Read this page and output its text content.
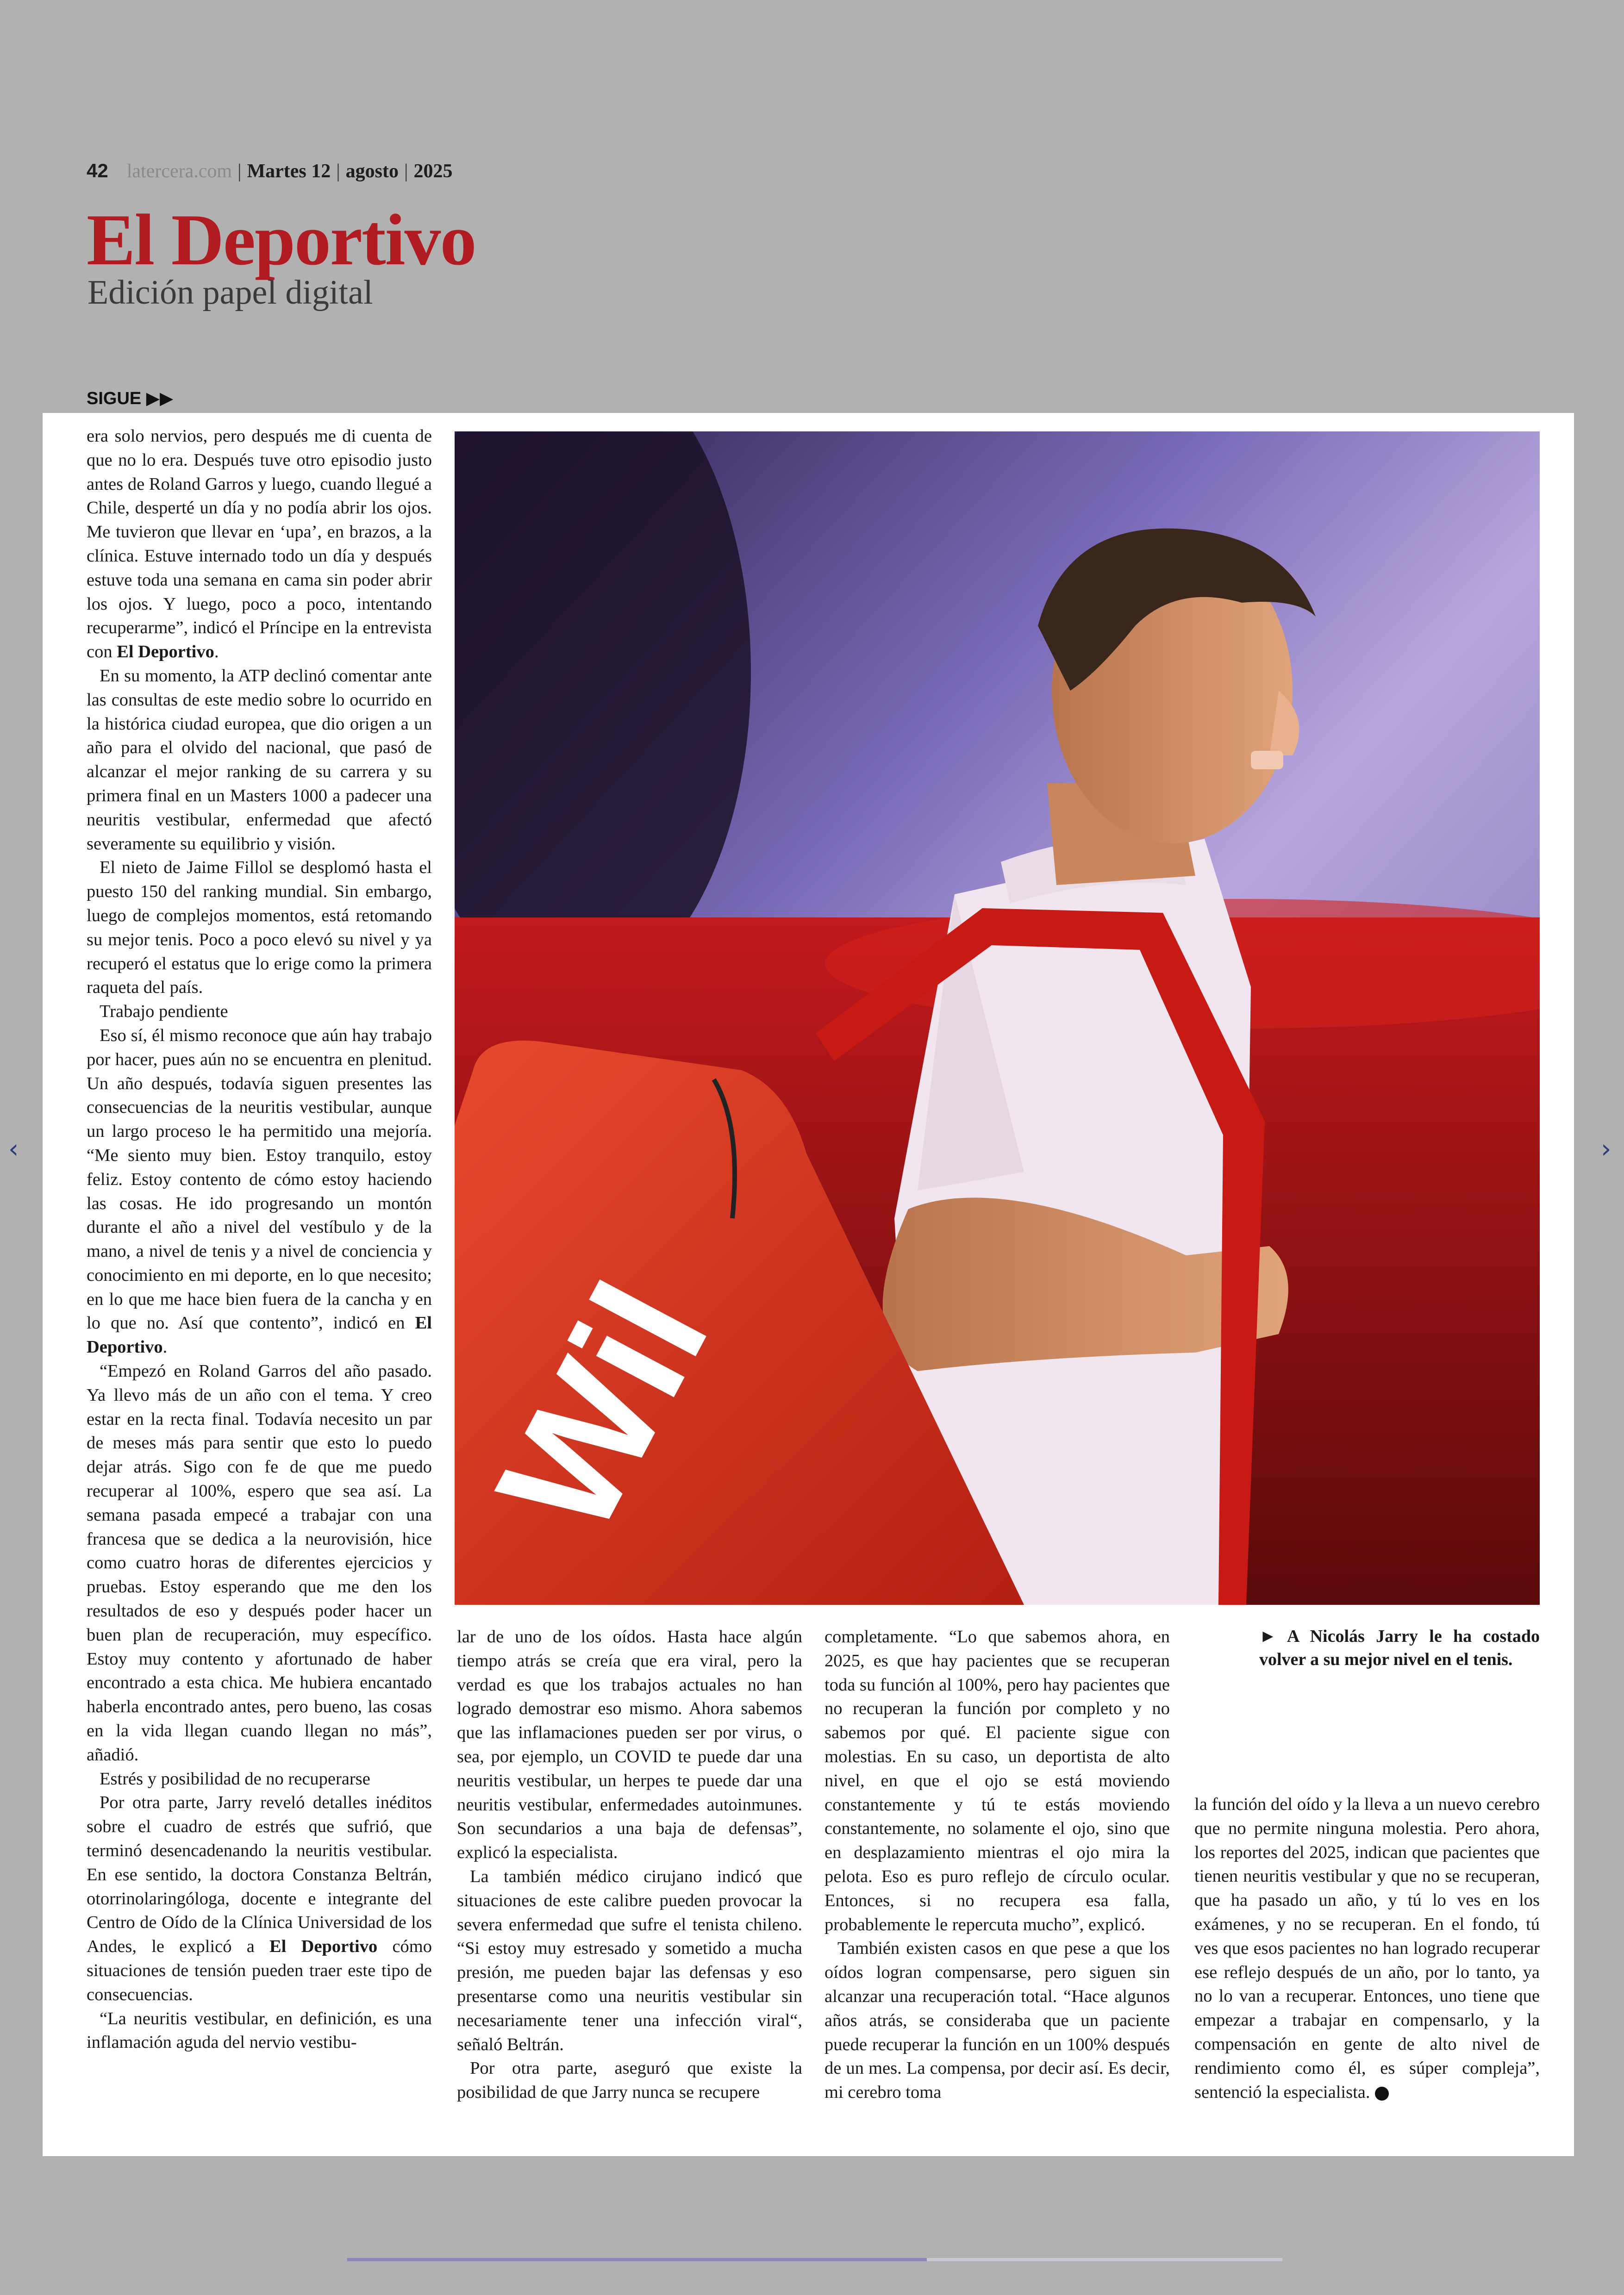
42 latercera.com | Martes 12 | agosto | 2025
El Deportivo
Edición papel digital
SIGUE ▶▶

era solo nervios, pero después me di cuenta de que no lo era. Después tuve otro episodio justo antes de Roland Garros y luego, cuando llegué a Chile, desperté un día y no podía abrir los ojos. Me tuvieron que llevar en ‘upa’, en brazos, a la clínica. Estuve internado todo un día y después estuve toda una semana en cama sin poder abrir los ojos. Y luego, poco a poco, intentando recuperarme”, indicó el Príncipe en la entrevista con El Deportivo.

En su momento, la ATP declinó comentar ante las consultas de este medio sobre lo ocurrido en la histórica ciudad europea, que dio origen a un año para el olvido del nacional, que pasó de alcanzar el mejor ranking de su carrera y su primera final en un Masters 1000 a padecer una neuritis vestibular, enfermedad que afectó severamente su equilibrio y visión.

El nieto de Jaime Fillol se desplomó hasta el puesto 150 del ranking mundial. Sin embargo, luego de complejos momentos, está retomando su mejor tenis. Poco a poco elevó su nivel y ya recuperó el estatus que lo erige como la primera raqueta del país.

Trabajo pendiente

Eso sí, él mismo reconoce que aún hay trabajo por hacer, pues aún no se encuentra en plenitud. Un año después, todavía siguen presentes las consecuencias de la neuritis vestibular, aunque un largo proceso le ha permitido una mejoría. “Me siento muy bien. Estoy tranquilo, estoy feliz. Estoy contento de cómo estoy haciendo las cosas. He ido progresando un montón durante el año a nivel del vestíbulo y de la mano, a nivel de tenis y a nivel de conciencia y conocimiento en mi deporte, en lo que necesito; en lo que me hace bien fuera de la cancha y en lo que no. Así que contento”, indicó en El Deportivo.

“Empezó en Roland Garros del año pasado. Ya llevo más de un año con el tema. Y creo estar en la recta final. Todavía necesito un par de meses más para sentir que esto lo puedo dejar atrás. Sigo con fe de que me puedo recuperar al 100%, espero que sea así. La semana pasada empecé a trabajar con una francesa que se dedica a la neurovisión, hice como cuatro horas de diferentes ejercicios y pruebas. Estoy esperando que me den los resultados de eso y después poder hacer un buen plan de recuperación, muy específico. Estoy muy contento y afortunado de haber encontrado a esta chica. Me hubiera encantado haberla encontrado antes, pero bueno, las cosas en la vida llegan cuando llegan no más”, añadió.

Estrés y posibilidad de no recuperarse

Por otra parte, Jarry reveló detalles inéditos sobre el cuadro de estrés que sufrió, que terminó desencadenando la neuritis vestibular. En ese sentido, la doctora Constanza Beltrán, otorrinolaringóloga, docente e integrante del Centro de Oído de la Clínica Universidad de los Andes, le explicó a El Deportivo cómo situaciones de tensión pueden traer este tipo de consecuencias.

“La neuritis vestibular, en definición, es una inflamación aguda del nervio vestibu-

Wil
► A Nicolás Jarry le ha costado volver a su mejor nivel en el tenis.

lar de uno de los oídos. Hasta hace algún tiempo atrás se creía que era viral, pero la verdad es que los trabajos actuales no han logrado demostrar eso mismo. Ahora sabemos que las inflamaciones pueden ser por virus, o sea, por ejemplo, un COVID te puede dar una neuritis vestibular, un herpes te puede dar una neuritis vestibular, enfermedades autoinmunes. Son secundarios a una baja de defensas”, explicó la especialista.

La también médico cirujano indicó que situaciones de este calibre pueden provocar la severa enfermedad que sufre el tenista chileno. “Si estoy muy estresado y sometido a mucha presión, me pueden bajar las defensas y eso presentarse como una neuritis vestibular sin necesariamente tener una infección viral“, señaló Beltrán.

Por otra parte, aseguró que existe la posibilidad de que Jarry nunca se recupere

completamente. “Lo que sabemos ahora, en 2025, es que hay pacientes que se recuperan toda su función al 100%, pero hay pacientes que no recuperan la función por completo y no sabemos por qué. El paciente sigue con molestias. En su caso, un deportista de alto nivel, en que el ojo se está moviendo constantemente y tú te estás moviendo constantemente, no solamente el ojo, sino que en desplazamiento mientras el ojo mira la pelota. Eso es puro reflejo de círculo ocular. Entonces, si no recupera esa falla, probablemente le repercuta mucho”, explicó.

También existen casos en que pese a que los oídos logran compensarse, pero siguen sin alcanzar una recuperación total. “Hace algunos años atrás, se consideraba que un paciente puede recuperar la función en un 100% después de un mes. La compensa, por decir así. Es decir, mi cerebro toma

la función del oído y la lleva a un nuevo cerebro que no permite ninguna molestia. Pero ahora, los reportes del 2025, indican que pacientes que tienen neuritis vestibular y que no se recuperan, que ha pasado un año, y tú lo ves en los exámenes, y no se recuperan. En el fondo, tú ves que esos pacientes no han logrado recuperar ese reflejo después de un año, por lo tanto, ya no lo van a recuperar. Entonces, uno tiene que empezar a trabajar en compensarlo, y la compensación en gente de alto nivel de rendimiento como él, es súper compleja”, sentenció la especialista.

‹	›
